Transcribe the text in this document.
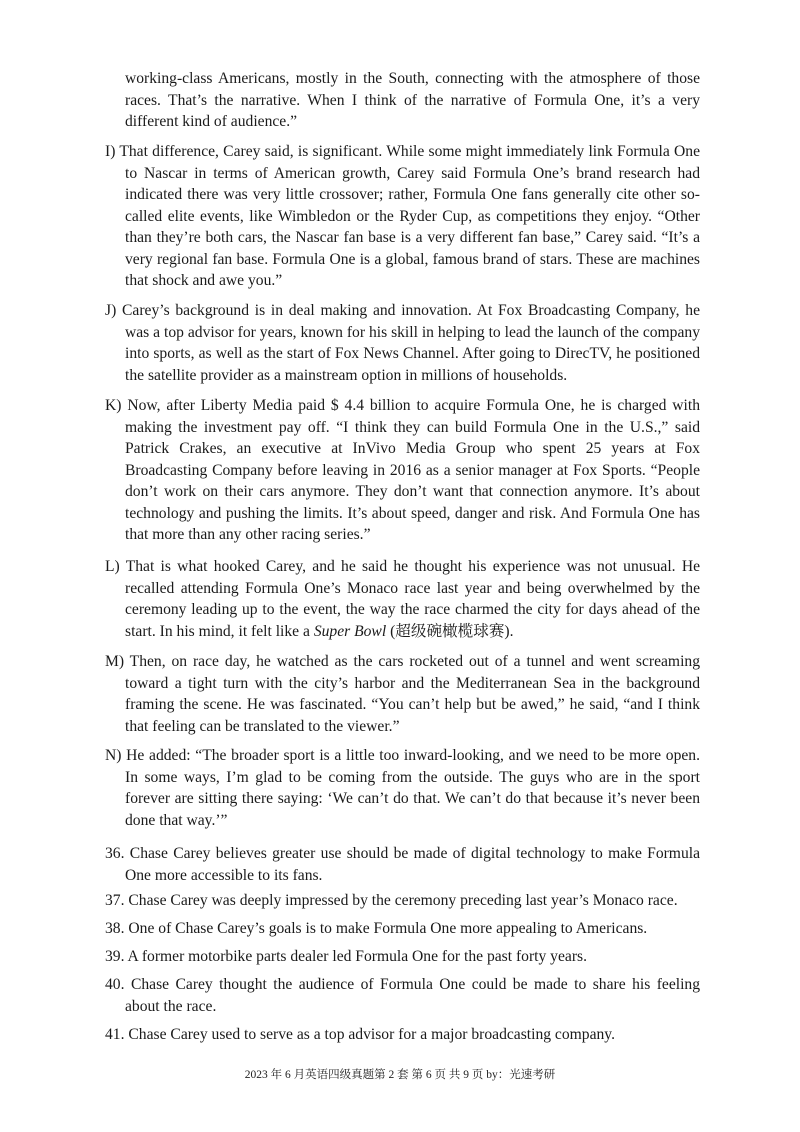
working-class Americans, mostly in the South, connecting with the atmosphere of those races. That’s the narrative. When I think of the narrative of Formula One, it’s a very different kind of audience.”
I) That difference, Carey said, is significant. While some might immediately link Formula One to Nascar in terms of American growth, Carey said Formula One’s brand research had indicated there was very little crossover; rather, Formula One fans generally cite other so-called elite events, like Wimbledon or the Ryder Cup, as competitions they enjoy. “Other than they’re both cars, the Nascar fan base is a very different fan base,” Carey said. “It’s a very regional fan base. Formula One is a global, famous brand of stars. These are machines that shock and awe you.”
J) Carey’s background is in deal making and innovation. At Fox Broadcasting Company, he was a top advisor for years, known for his skill in helping to lead the launch of the company into sports, as well as the start of Fox News Channel. After going to DirecTV, he positioned the satellite provider as a mainstream option in millions of households.
K) Now, after Liberty Media paid $ 4.4 billion to acquire Formula One, he is charged with making the investment pay off. “I think they can build Formula One in the U.S.,” said Patrick Crakes, an executive at InVivo Media Group who spent 25 years at Fox Broadcasting Company before leaving in 2016 as a senior manager at Fox Sports. “People don’t work on their cars anymore. They don’t want that connection anymore. It’s about technology and pushing the limits. It’s about speed, danger and risk. And Formula One has that more than any other racing series.”
L) That is what hooked Carey, and he said he thought his experience was not unusual. He recalled attending Formula One’s Monaco race last year and being overwhelmed by the ceremony leading up to the event, the way the race charmed the city for days ahead of the start. In his mind, it felt like a Super Bowl (超级碗橄榄球赛).
M) Then, on race day, he watched as the cars rocketed out of a tunnel and went screaming toward a tight turn with the city’s harbor and the Mediterranean Sea in the background framing the scene. He was fascinated. “You can’t help but be awed,” he said, “and I think that feeling can be translated to the viewer.”
N) He added: “The broader sport is a little too inward-looking, and we need to be more open. In some ways, I’m glad to be coming from the outside. The guys who are in the sport forever are sitting there saying: ‘We can’t do that. We can’t do that because it’s never been done that way.’”
36. Chase Carey believes greater use should be made of digital technology to make Formula One more accessible to its fans.
37. Chase Carey was deeply impressed by the ceremony preceding last year’s Monaco race.
38. One of Chase Carey’s goals is to make Formula One more appealing to Americans.
39. A former motorbike parts dealer led Formula One for the past forty years.
40. Chase Carey thought the audience of Formula One could be made to share his feeling about the race.
41. Chase Carey used to serve as a top advisor for a major broadcasting company.
2023 年 6 月英语四级真题第 2 套 第 6 页 共 9 页 by：光速考研
